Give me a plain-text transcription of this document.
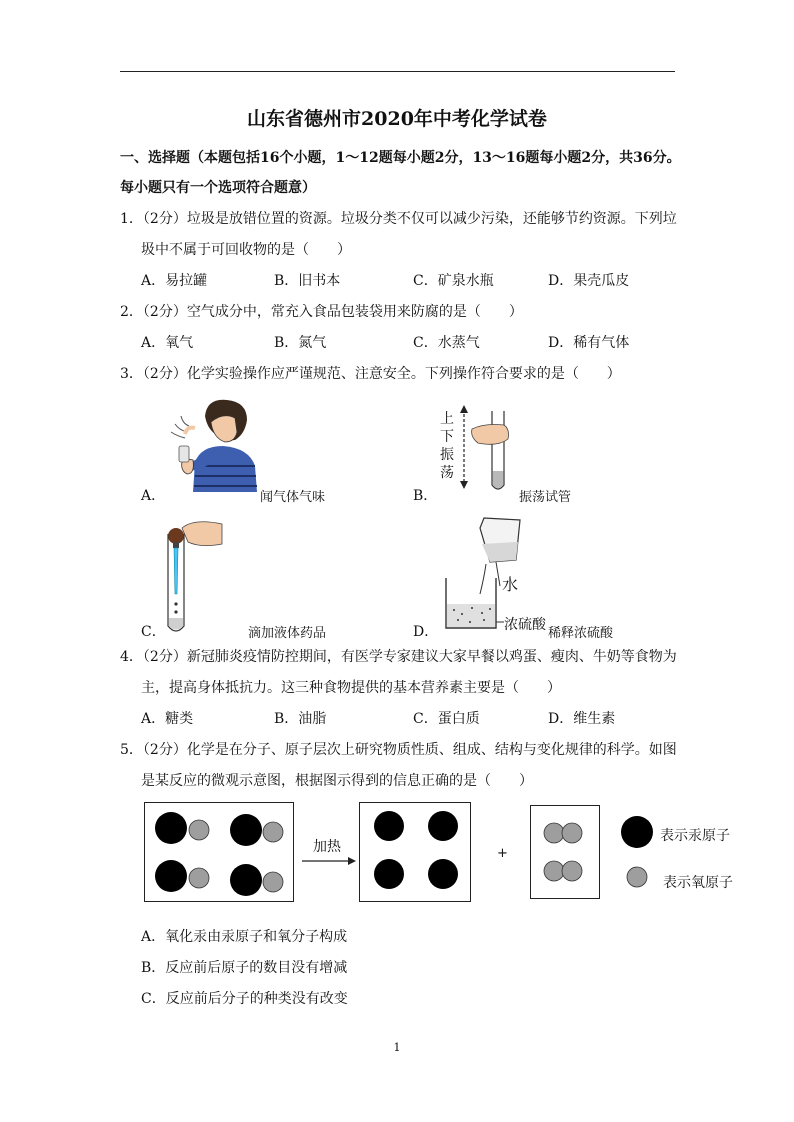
山东省德州市2020年中考化学试卷
一、选择题（本题包括16个小题，1～12题每小题2分，13～16题每小题2分，共36分。
每小题只有一个选项符合题意）
1．（2分）垃圾是放错位置的资源。垃圾分类不仅可以减少污染，还能够节约资源。下列垃
圾中不属于可回收物的是（　　）
A．易拉罐	B．旧书本	C．矿泉水瓶	D．果壳瓜皮
2．（2分）空气成分中，常充入食品包装袋用来防腐的是（　　）
A．氧气	B．氮气	C．水蒸气	D．稀有气体
3．（2分）化学实验操作应严谨规范、注意安全。下列操作符合要求的是（　　）
A．	闻气体气味
上
下
振
荡
B．	振荡试管
C．	滴加液体药品
水
浓硫酸
D．	稀释浓硫酸
4．（2分）新冠肺炎疫情防控期间，有医学专家建议大家早餐以鸡蛋、瘦肉、牛奶等食物为
主，提高身体抵抗力。这三种食物提供的基本营养素主要是（　　）
A．糖类	B．油脂	C．蛋白质	D．维生素
5．（2分）化学是在分子、原子层次上研究物质性质、组成、结构与变化规律的科学。如图
是某反应的微观示意图，根据图示得到的信息正确的是（　　）
加热	+
表示汞原子
表示氧原子
A．氧化汞由汞原子和氧分子构成
B．反应前后原子的数目没有增减
C．反应前后分子的种类没有改变
1
